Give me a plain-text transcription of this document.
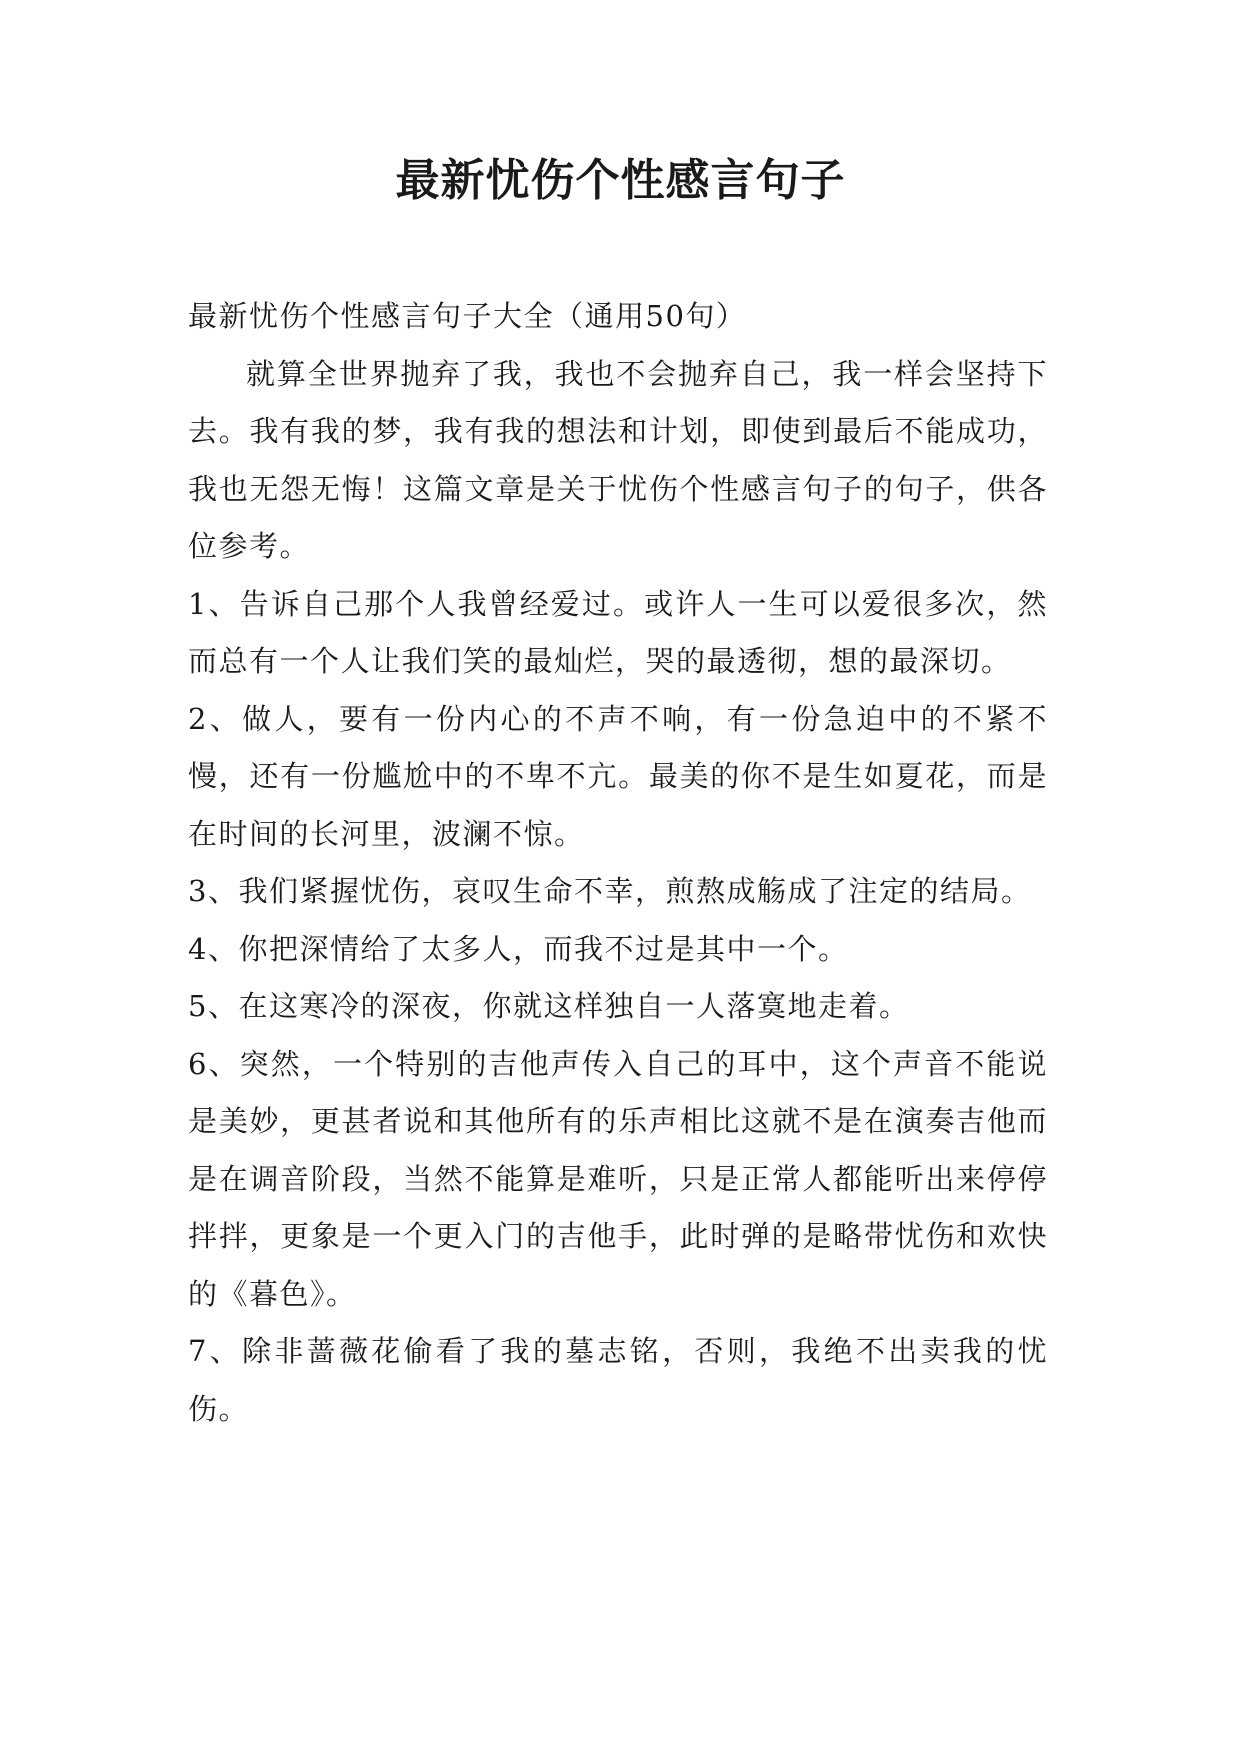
最新忧伤个性感言句子

最新忧伤个性感言句子大全（通用50句）

就算全世界抛弃了我，我也不会抛弃自己，我一样会坚持下去。我有我的梦，我有我的想法和计划，即使到最后不能成功，我也无怨无悔！这篇文章是关于忧伤个性感言句子的句子，供各位参考。

1、告诉自己那个人我曾经爱过。或许人一生可以爱很多次，然而总有一个人让我们笑的最灿烂，哭的最透彻，想的最深切。

2、做人，要有一份内心的不声不响，有一份急迫中的不紧不慢，还有一份尴尬中的不卑不亢。最美的你不是生如夏花，而是在时间的长河里，波澜不惊。

3、我们紧握忧伤，哀叹生命不幸，煎熬成觞成了注定的结局。

4、你把深情给了太多人，而我不过是其中一个。

5、在这寒冷的深夜，你就这样独自一人落寞地走着。

6、突然，一个特别的吉他声传入自己的耳中，这个声音不能说是美妙，更甚者说和其他所有的乐声相比这就不是在演奏吉他而是在调音阶段，当然不能算是难听，只是正常人都能听出来停停拌拌，更象是一个更入门的吉他手，此时弹的是略带忧伤和欢快的《暮色》。

7、除非蔷薇花偷看了我的墓志铭，否则，我绝不出卖我的忧伤。
